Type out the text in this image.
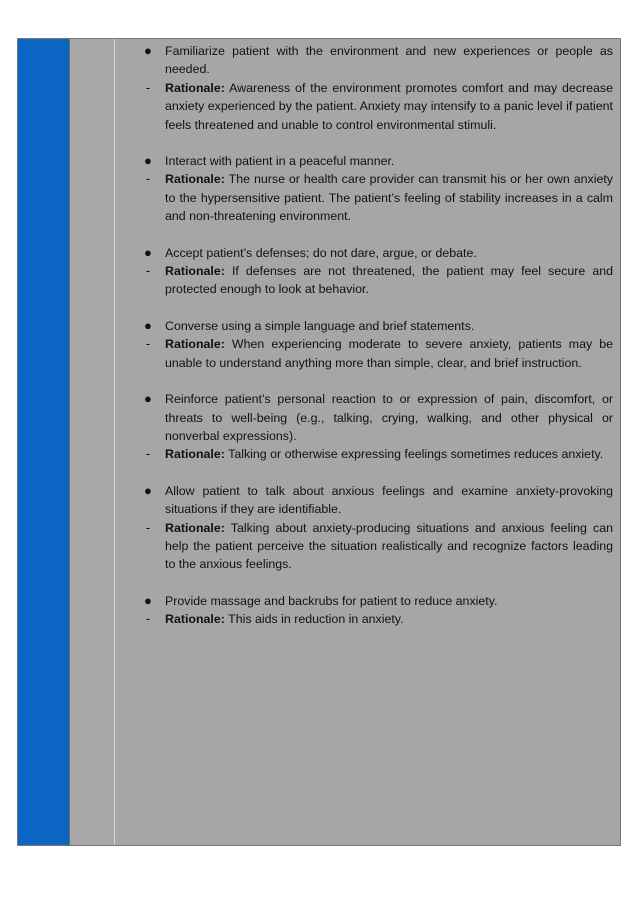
●	Familiarize patient with the environment and new experiences or people as needed.
-	Rationale: Awareness of the environment promotes comfort and may decrease anxiety experienced by the patient. Anxiety may intensify to a panic level if patient feels threatened and unable to control environmental stimuli.
●	Interact with patient in a peaceful manner.
-	Rationale: The nurse or health care provider can transmit his or her own anxiety to the hypersensitive patient. The patient’s feeling of stability increases in a calm and non-threatening environment.
●	Accept patient’s defenses; do not dare, argue, or debate.
-	Rationale: If defenses are not threatened, the patient may feel secure and protected enough to look at behavior.
●	Converse using a simple language and brief statements.
-	Rationale: When experiencing moderate to severe anxiety, patients may be unable to understand anything more than simple, clear, and brief instruction.
●	Reinforce patient’s personal reaction to or expression of pain, discomfort, or threats to well-being (e.g., talking, crying, walking, and other physical or nonverbal expressions).
-	Rationale: Talking or otherwise expressing feelings sometimes reduces anxiety.
●	Allow patient to talk about anxious feelings and examine anxiety-provoking situations if they are identifiable.
-	Rationale: Talking about anxiety-producing situations and anxious feeling can help the patient perceive the situation realistically and recognize factors leading to the anxious feelings.
●	Provide massage and backrubs for patient to reduce anxiety.
-	Rationale: This aids in reduction in anxiety.
